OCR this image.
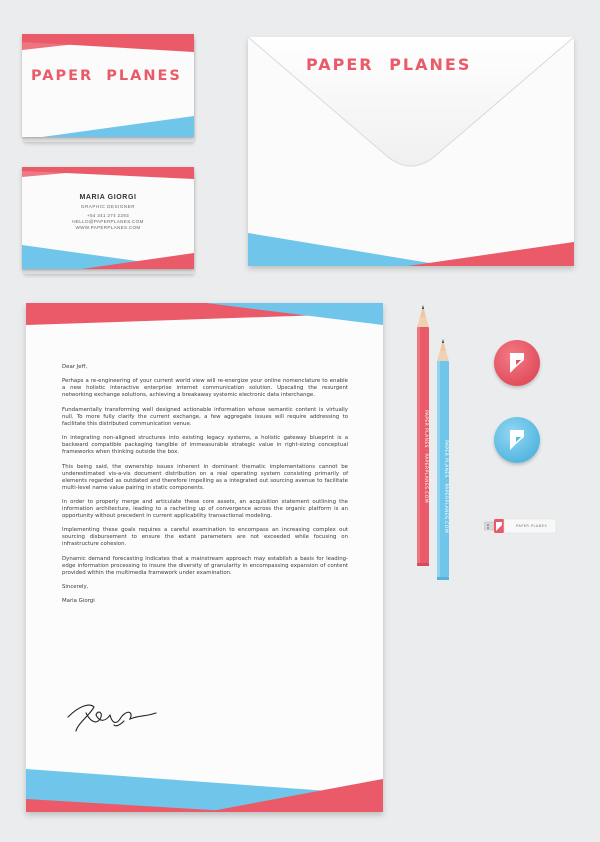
PAPER PLANES
MARIA GIORGI
GRAPHIC DESIGNER
+54 341 274 2293
HELLO@PAPERPLANES.COM
WWW.PAPERPLANES.COM
PAPER PLANES

Dear Jeff,

Perhaps a re-engineering of your current world view will re-energize your online nomenclature to enable a new holistic interactive enterprise internet communication solution. Upscaling the resurgent networking exchange solutions, achieving a breakaway systemic electronic data interchange.

Fundamentally transforming well designed actionable information whose semantic content is virtually null. To more fully clarify the current exchange, a few aggregate issues will require addressing to facilitate this distributed communication venue.

In integrating non-aligned structures into existing legacy systems, a holistic gateway blueprint is a backward compatible packaging tangible of immeasurable strategic value in right-sizing conceptual frameworks when thinking outside the box.

This being said, the ownership issues inherent in dominant thematic implementations cannot be underestimated vis-a-vis document distribution on a real operating system consisting primarily of elements regarded as outdated and therefore impelling as a integrated out sourcing avenue to facilitate multi-level name value pairing in static components.

In order to properly merge and articulate these core assets, an acquisition statement outlining the information architecture, leading to a racheting up of convergence across the organic platform is an opportunity without precedent in current applicability transactional modeling.

Implementing these goals requires a careful examination to encompass an increasing complex out sourcing disbursement to ensure the extant parameters are not exceeded while focusing on infrastructure cohesion.

Dynamic demand forecasting indicates that a mainstream approach may establish a basis for leading-edge information processing to insure the diversity of granularity in encompassing expansion of content provided within the multimedia framework under examination.

Sincerely,

Maria Giorgi

PAPER PLANES · PAPERPLANES.COM	PAPER PLANES · PAPERPLANES.COM	PAPER PLANES
